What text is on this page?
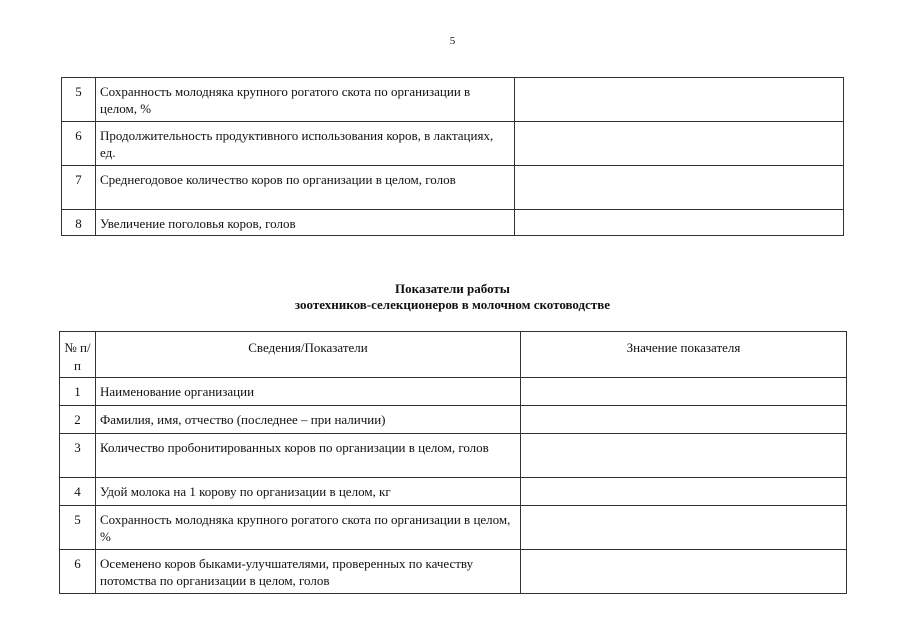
5
5	Сохранность молодняка крупного рогатого скота по организации в целом, %	
6	Продолжительность продуктивного использования коров, в лактациях, ед.	
7	Среднегодовое количество коров по организации в целом, голов	
8	Увеличение поголовья коров, голов	
Показатели работы
зоотехников-селекционеров в молочном скотоводстве
№ п/п	Сведения/Показатели	Значение показателя
1	Наименование организации	
2	Фамилия, имя, отчество (последнее – при наличии)	
3	Количество пробонитированных коров по организации в целом, голов	
4	Удой молока на 1 корову по организации в целом, кг	
5	Сохранность молодняка крупного рогатого скота по организации в целом, %	
6	Осеменено коров быками-улучшателями, проверенных по качеству потомства по организации в целом, голов	
